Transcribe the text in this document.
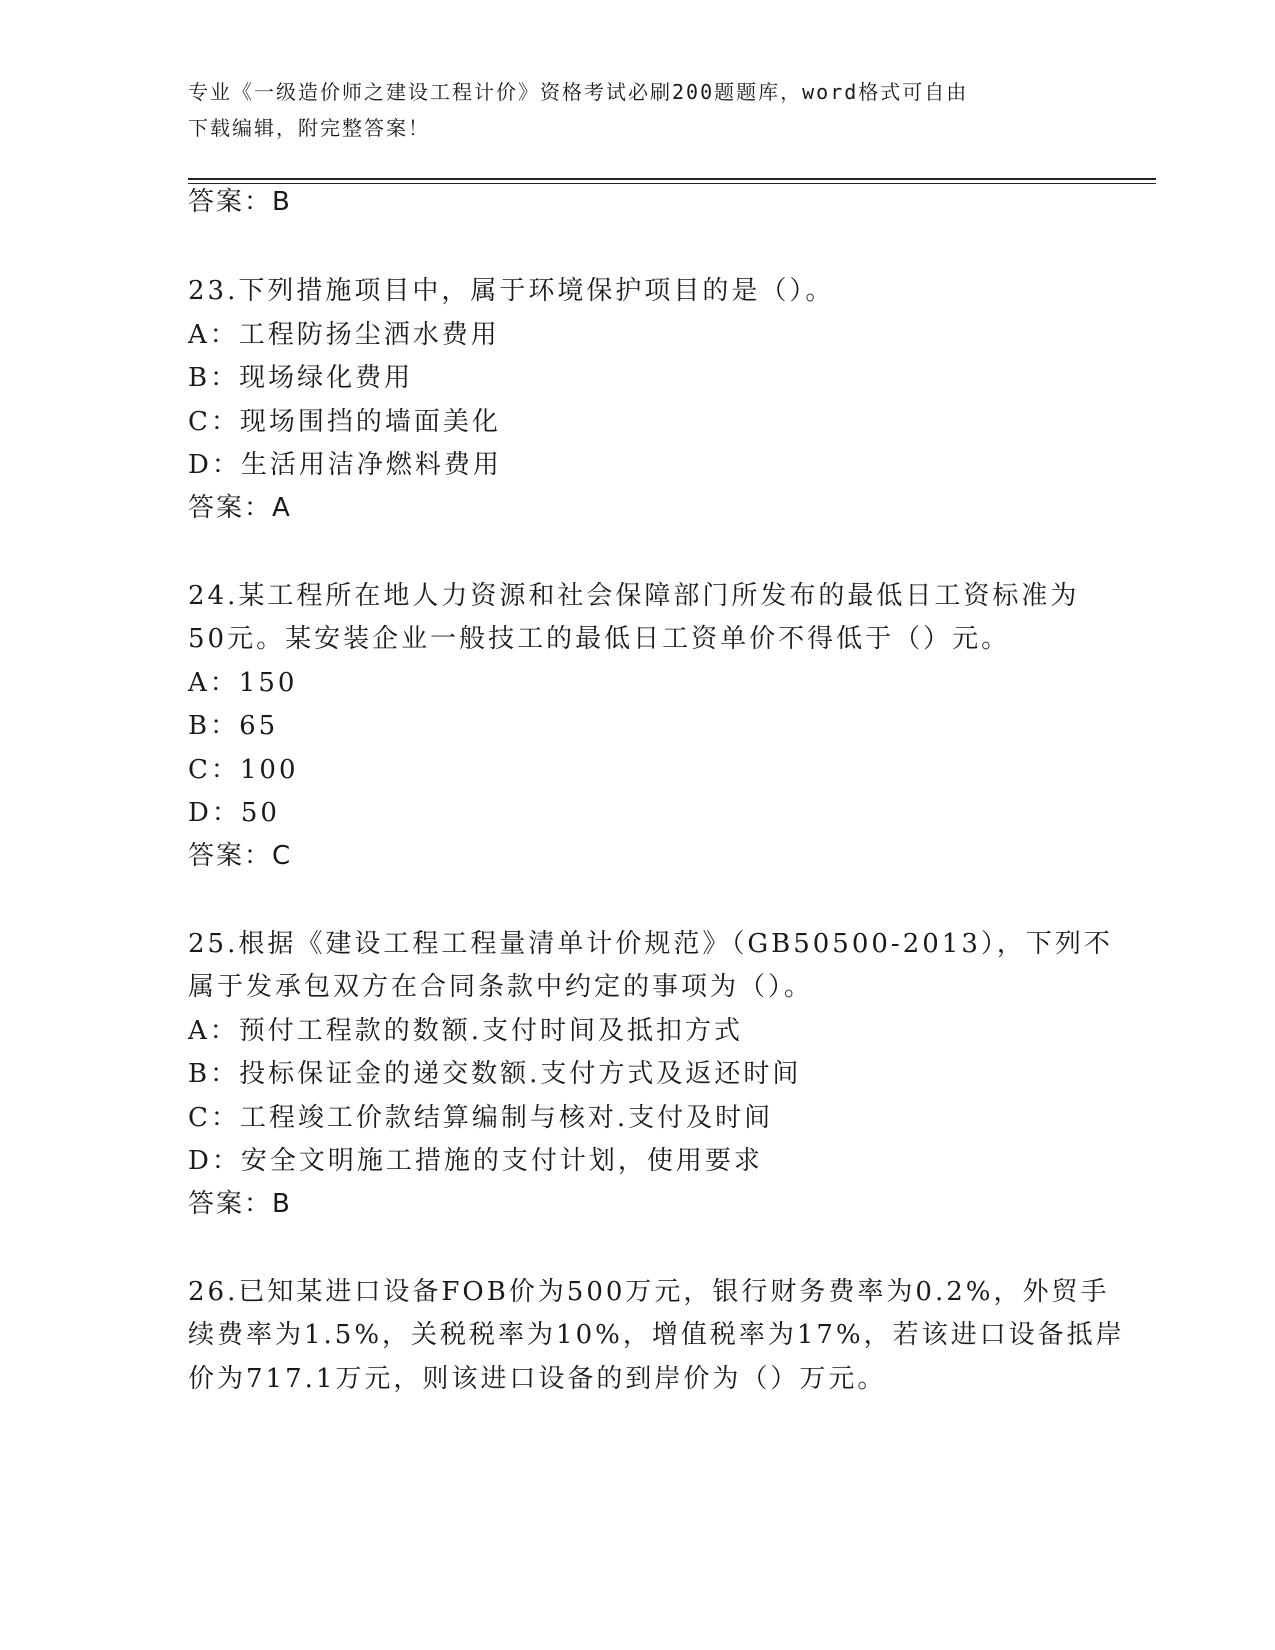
专业《一级造价师之建设工程计价》资格考试必刷200题题库，word格式可自由
下载编辑，附完整答案！
答案：B
23.下列措施项目中，属于环境保护项目的是（）。
A：工程防扬尘洒水费用
B：现场绿化费用
C：现场围挡的墙面美化
D：生活用洁净燃料费用
答案：A
24.某工程所在地人力资源和社会保障部门所发布的最低日工资标准为
50元。某安装企业一般技工的最低日工资单价不得低于（）元。
A：150
B：65
C：100
D：50
答案：C
25.根据《建设工程工程量清单计价规范》（GB50500-2013），下列不
属于发承包双方在合同条款中约定的事项为（）。
A：预付工程款的数额.支付时间及抵扣方式
B：投标保证金的递交数额.支付方式及返还时间
C：工程竣工价款结算编制与核对.支付及时间
D：安全文明施工措施的支付计划，使用要求
答案：B
26.已知某进口设备FOB价为500万元，银行财务费率为0.2%，外贸手
续费率为1.5%，关税税率为10%，增值税率为17%，若该进口设备抵岸
价为717.1万元，则该进口设备的到岸价为（）万元。
